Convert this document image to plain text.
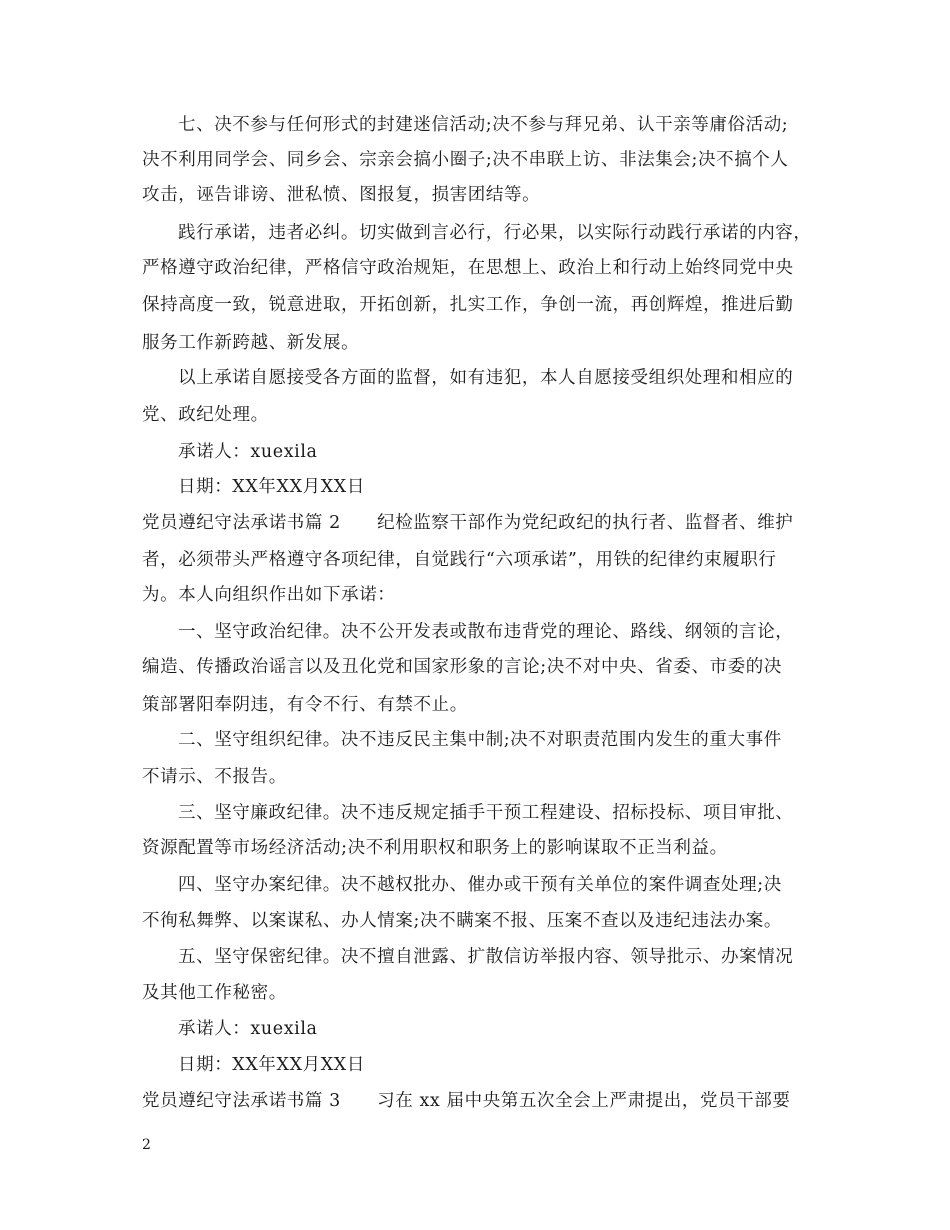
七、决不参与任何形式的封建迷信活动;决不参与拜兄弟、认干亲等庸俗活动;
决不利用同学会、同乡会、宗亲会搞小圈子;决不串联上访、非法集会;决不搞个人
攻击，诬告诽谤、泄私愤、图报复，损害团结等。
践行承诺，违者必纠。切实做到言必行，行必果，以实际行动践行承诺的内容，
严格遵守政治纪律，严格信守政治规矩，在思想上、政治上和行动上始终同党中央
保持高度一致，锐意进取，开拓创新，扎实工作，争创一流，再创辉煌，推进后勤
服务工作新跨越、新发展。
以上承诺自愿接受各方面的监督，如有违犯，本人自愿接受组织处理和相应的
党、政纪处理。
承诺人：xuexila
日期：XX年XX月XX日
党员遵纪守法承诺书篇 2　　纪检监察干部作为党纪政纪的执行者、监督者、维护
者，必须带头严格遵守各项纪律，自觉践行“六项承诺”，用铁的纪律约束履职行
为。本人向组织作出如下承诺：
一、坚守政治纪律。决不公开发表或散布违背党的理论、路线、纲领的言论，
编造、传播政治谣言以及丑化党和国家形象的言论;决不对中央、省委、市委的决
策部署阳奉阴违，有令不行、有禁不止。
二、坚守组织纪律。决不违反民主集中制;决不对职责范围内发生的重大事件
不请示、不报告。
三、坚守廉政纪律。决不违反规定插手干预工程建设、招标投标、项目审批、
资源配置等市场经济活动;决不利用职权和职务上的影响谋取不正当利益。
四、坚守办案纪律。决不越权批办、催办或干预有关单位的案件调查处理;决
不徇私舞弊、以案谋私、办人情案;决不瞒案不报、压案不查以及违纪违法办案。
五、坚守保密纪律。决不擅自泄露、扩散信访举报内容、领导批示、办案情况
及其他工作秘密。
承诺人：xuexila
日期：XX年XX月XX日
党员遵纪守法承诺书篇 3　　习在 xx 届中央第五次全会上严肃提出，党员干部要
2
